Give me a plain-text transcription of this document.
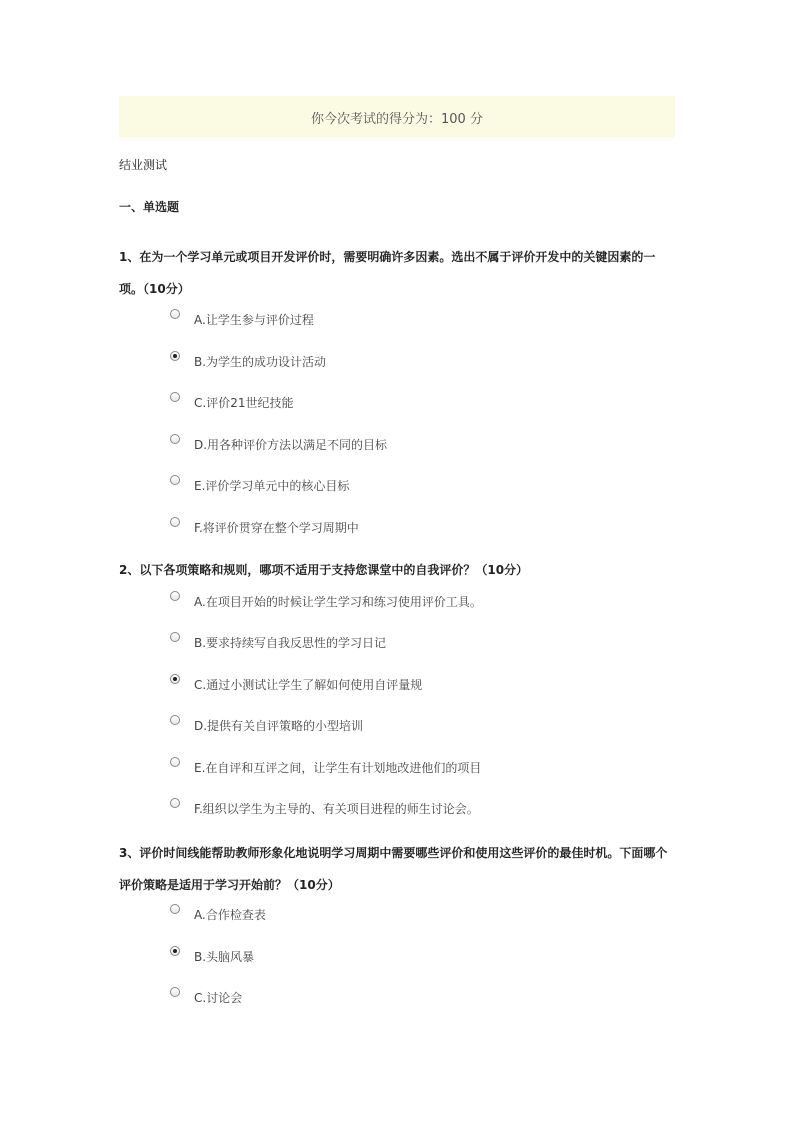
你今次考试的得分为：100 分
结业测试
一、单选题
1、在为一个学习单元或项目开发评价时，需要明确许多因素。选出不属于评价开发中的关键因素的一项。（10分）
A.让学生参与评价过程
B.为学生的成功设计活动
C.评价21世纪技能
D.用各种评价方法以满足不同的目标
E.评价学习单元中的核心目标
F.将评价贯穿在整个学习周期中
2、以下各项策略和规则，哪项不适用于支持您课堂中的自我评价？（10分）
A.在项目开始的时候让学生学习和练习使用评价工具。
B.要求持续写自我反思性的学习日记
C.通过小测试让学生了解如何使用自评量规
D.提供有关自评策略的小型培训
E.在自评和互评之间，让学生有计划地改进他们的项目
F.组织以学生为主导的、有关项目进程的师生讨论会。
3、评价时间线能帮助教师形象化地说明学习周期中需要哪些评价和使用这些评价的最佳时机。下面哪个评价策略是适用于学习开始前？（10分）
A.合作检查表
B.头脑风暴
C.讨论会
